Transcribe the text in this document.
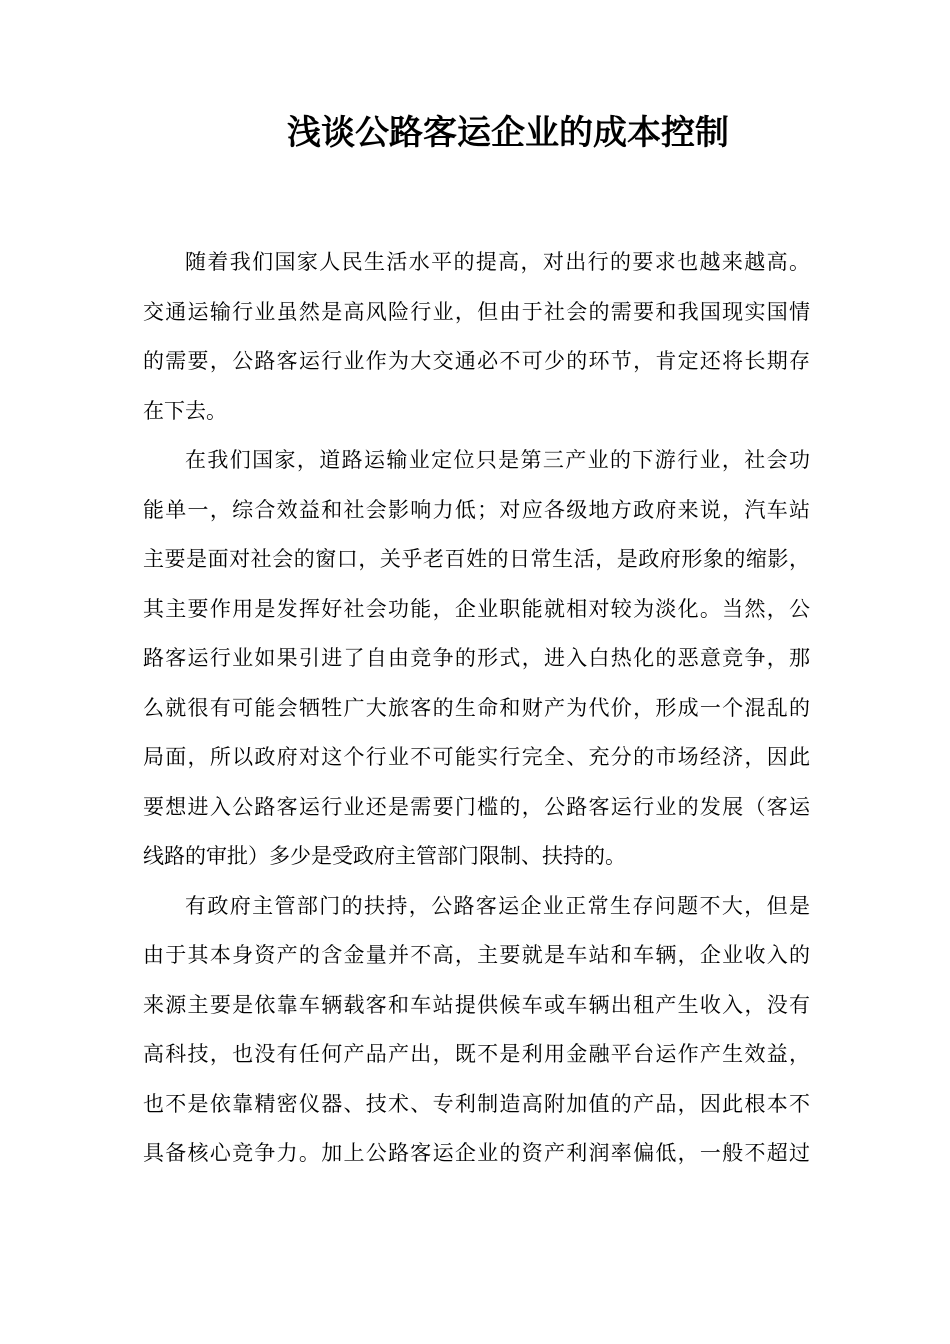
浅谈公路客运企业的成本控制
随着我们国家人民生活水平的提高，对出行的要求也越来越高。
交通运输行业虽然是高风险行业，但由于社会的需要和我国现实国情
的需要，公路客运行业作为大交通必不可少的环节，肯定还将长期存
在下去。
在我们国家，道路运输业定位只是第三产业的下游行业，社会功
能单一，综合效益和社会影响力低；对应各级地方政府来说，汽车站
主要是面对社会的窗口，关乎老百姓的日常生活，是政府形象的缩影，
其主要作用是发挥好社会功能，企业职能就相对较为淡化。当然，公
路客运行业如果引进了自由竞争的形式，进入白热化的恶意竞争，那
么就很有可能会牺牲广大旅客的生命和财产为代价，形成一个混乱的
局面，所以政府对这个行业不可能实行完全、充分的市场经济，因此
要想进入公路客运行业还是需要门槛的，公路客运行业的发展（客运
线路的审批）多少是受政府主管部门限制、扶持的。
有政府主管部门的扶持，公路客运企业正常生存问题不大，但是
由于其本身资产的含金量并不高，主要就是车站和车辆，企业收入的
来源主要是依靠车辆载客和车站提供候车或车辆出租产生收入，没有
高科技，也没有任何产品产出，既不是利用金融平台运作产生效益，
也不是依靠精密仪器、技术、专利制造高附加值的产品，因此根本不
具备核心竞争力。加上公路客运企业的资产利润率偏低，一般不超过
